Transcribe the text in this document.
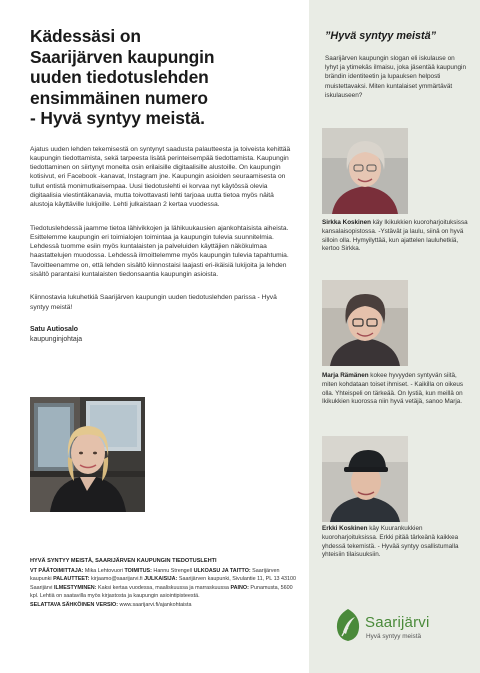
Kädessäsi on
Saarijärven kaupungin
uuden tiedotuslehden
ensimmäinen numero
- Hyvä syntyy meistä.

Ajatus uuden lehden tekemisestä on syntynyt saadusta palautteesta ja toiveista kehittää kaupungin tiedottamista, sekä tarpeesta lisätä perinteisempää tiedottamista. Kaupungin tiedottaminen on siirtynyt monelta osin erilaisille digitaalisille alustoille. On kaupungin kotisivut, eri Facebook -kanavat, Instagram jne. Kaupungin asioiden seuraamisesta on tullut entistä monimutkaisempaa. Uusi tiedotuslehti ei korvaa nyt käytössä olevia digitaalisia viestintäkanavia, mutta toivottavasti lehti tarjoaa uutta tietoa myös näitä alustoja käyttäville lukijoille. Lehti julkaistaan 2 kertaa vuodessa.

Tiedotuslehdessä jaamme tietoa lähivikkojen ja lähikuukausien ajankohtaisista aiheista. Esittelemme kaupungin eri toimialojen toimintaa ja kaupungin tulevia suunnitelmia. Lehdessä tuomme esiin myös kuntalaisten ja palveluiden käyttäjien näkökulmaa haastattelujen muodossa. Lehdessä ilmoittelemme myös kaupungin tulevia tapahtumia. Tavoitteenamme on, että lehden sisältö kiinnostaisi laajasti eri-ikäisiä lukijoita ja lehden sisältö parantaisi kuntalaisten tiedonsaantia kaupungin asioista.

Kiinnostavia lukuhetkiä Saarijärven kaupungin uuden tiedotuslehden parissa - Hyvä syntyy meistä!

Satu Autiosalo
kaupunginjohtaja
HYVÄ SYNTYY MEISTÄ, SAARIJÄRVEN KAUPUNGIN TIEDOTUSLEHTI
VT PÄÄTOIMITTAJA: Mika Lehtovuori TOIMITUS: Hannu Strengell ULKOASU JA TAITTO: Saarijärven kaupunki PALAUTTEET: kirjaamo@saarijarvi.fi JULKAISIJA: Saarijärven kaupunki, Sivulantie 11, PL 13 43100 Saarijärvi ILMESTYMINEN: Kaksi kertaa vuodessa, maaliskuussa ja marraskuussa PAINO: Punamusta, 5600 kpl. Lehtiä on saatavilla myös kirjastosta ja kaupungin asiointipisteestä.
SELATTAVA SÄHKÖINEN VERSIO: www.saarijarvi.fi/ajankohtaista
”Hyvä syntyy meistä”

Saarijärven kaupungin slogan eli iskulause on lyhyt ja ytimekäs ilmaisu, joka jäsentää kaupungin brändin identiteetin ja lupauksen helposti muistettavaksi. Miten kuntalaiset ymmärtävät iskulauseen?

Sirkka Koskinen käy Ikikukkien kuoroharjoituksissa kansalaisopistossa. -Ystävät ja laulu, siinä on hyvä silloin olla. Hymyilyttää, kun ajattelen lauluhetkiä, kertoo Sirkka.
Marja Rämänen kokee hyvyyden syntyvän siitä, miten kohdataan toiset ihmiset. - Kaikilla on oikeus olla. Yhteispeli on tärkeää. On lystiä, kun meillä on Ikikukkien kuorossa niin hyvä vetäjä, sanoo Marja.
Erkki Koskinen käy Kuurankukkien kuoroharjoituksissa. Erkki pitää tärkeänä kaikkea yhdessä tekemistä. - Hyvää syntyy osallistumalla yhteisiin tilaisuuksiin.
Saarijärvi
Hyvä syntyy meistä
